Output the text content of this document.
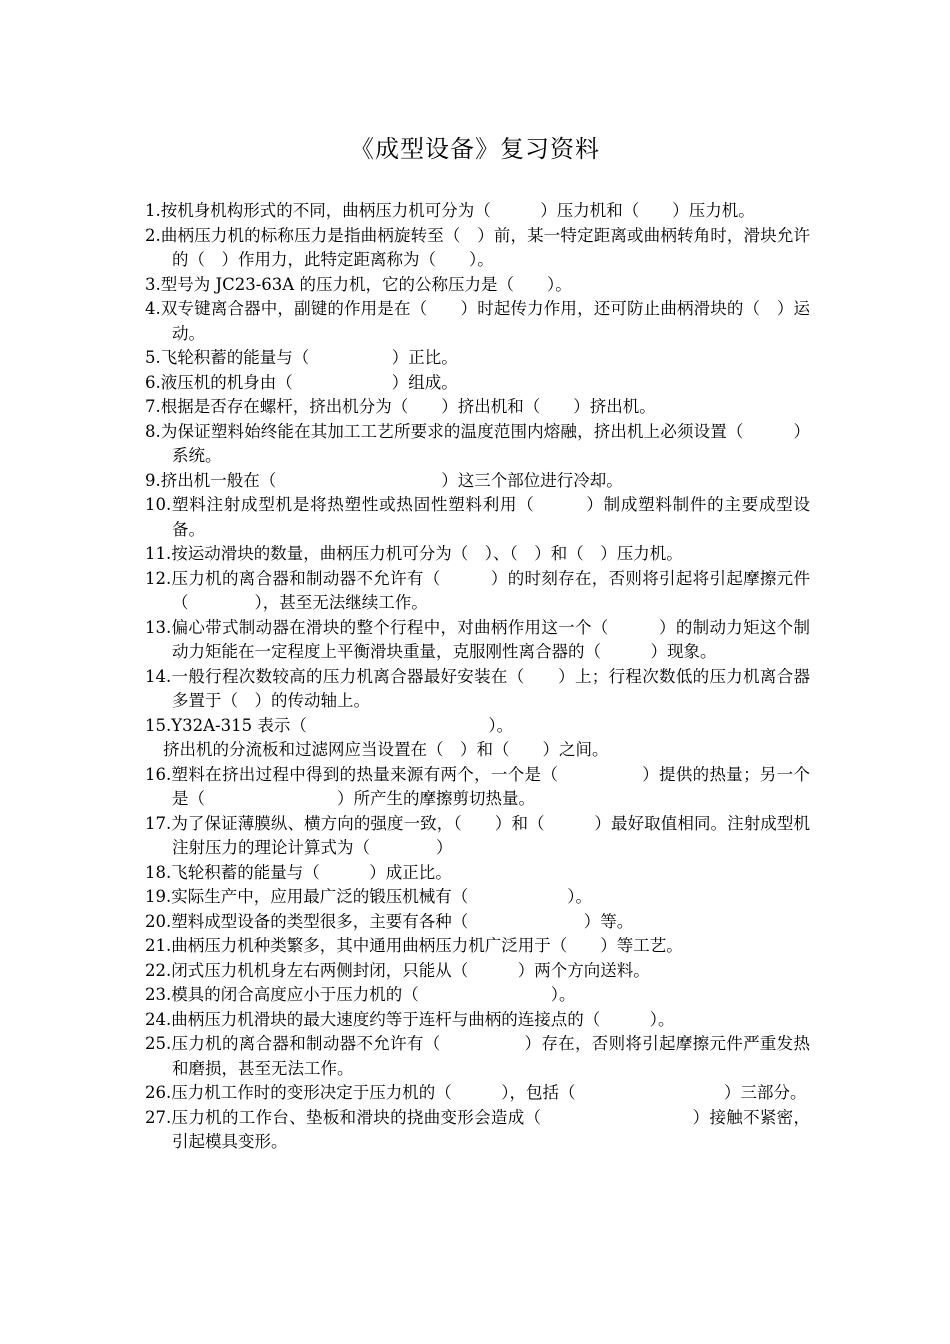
《成型设备》复习资料

1.按机身机构形式的不同，曲柄压力机可分为（　　　）压力机和（　　）压力机。

2.曲柄压力机的标称压力是指曲柄旋转至（　）前，某一特定距离或曲柄转角时，滑块允许的（　）作用力，此特定距离称为（　　）。

3.型号为 JC23-63A 的压力机，它的公称压力是（　　）。

4.双专键离合器中，副键的作用是在（　　）时起传力作用，还可防止曲柄滑块的（　）运动。

5.飞轮积蓄的能量与（　　　　　）正比。

6.液压机的机身由（　　　　　　）组成。

7.根据是否存在螺杆，挤出机分为（　　）挤出机和（　　）挤出机。

8.为保证塑料始终能在其加工工艺所要求的温度范围内熔融，挤出机上必须设置（　　　）系统。

9.挤出机一般在（　　　　　　　　　　）这三个部位进行冷却。

10.塑料注射成型机是将热塑性或热固性塑料利用（　　　）制成塑料制件的主要成型设备。

11.按运动滑块的数量，曲柄压力机可分为（　）、（　）和（　）压力机。

12.压力机的离合器和制动器不允许有（　　　）的时刻存在，否则将引起将引起摩擦元件（　　　　），甚至无法继续工作。

13.偏心带式制动器在滑块的整个行程中，对曲柄作用这一个（　　　）的制动力矩这个制动力矩能在一定程度上平衡滑块重量，克服刚性离合器的（　　　）现象。

14.一般行程次数较高的压力机离合器最好安装在（　　）上；行程次数低的压力机离合器多置于（　）的传动轴上。

15.Y32A-315 表示（　　　　　　　　　　　）。

挤出机的分流板和过滤网应当设置在（　）和（　　）之间。

16.塑料在挤出过程中得到的热量来源有两个，一个是（　　　　　）提供的热量；另一个是（　　　　　　　　）所产生的摩擦剪切热量。

17.为了保证薄膜纵、横方向的强度一致，（　　）和（　　　）最好取值相同。注射成型机注射压力的理论计算式为（　　　　）

18.飞轮积蓄的能量与（　　　）成正比。

19.实际生产中，应用最广泛的锻压机械有（　　　　　　）。

20.塑料成型设备的类型很多，主要有各种（　　　　　　　）等。

21.曲柄压力机种类繁多，其中通用曲柄压力机广泛用于（　　）等工艺。

22.闭式压力机机身左右两侧封闭，只能从（　　　）两个方向送料。

23.模具的闭合高度应小于压力机的（　　　　　　　　）。

24.曲柄压力机滑块的最大速度约等于连杆与曲柄的连接点的（　　　）。

25.压力机的离合器和制动器不允许有（　　　　　）存在，否则将引起摩擦元件严重发热和磨损，甚至无法工作。

26.压力机工作时的变形决定于压力机的（　　　），包括（　　　　　　　　　）三部分。

27.压力机的工作台、垫板和滑块的挠曲变形会造成（　　　　　　　　　）接触不紧密，引起模具变形。
